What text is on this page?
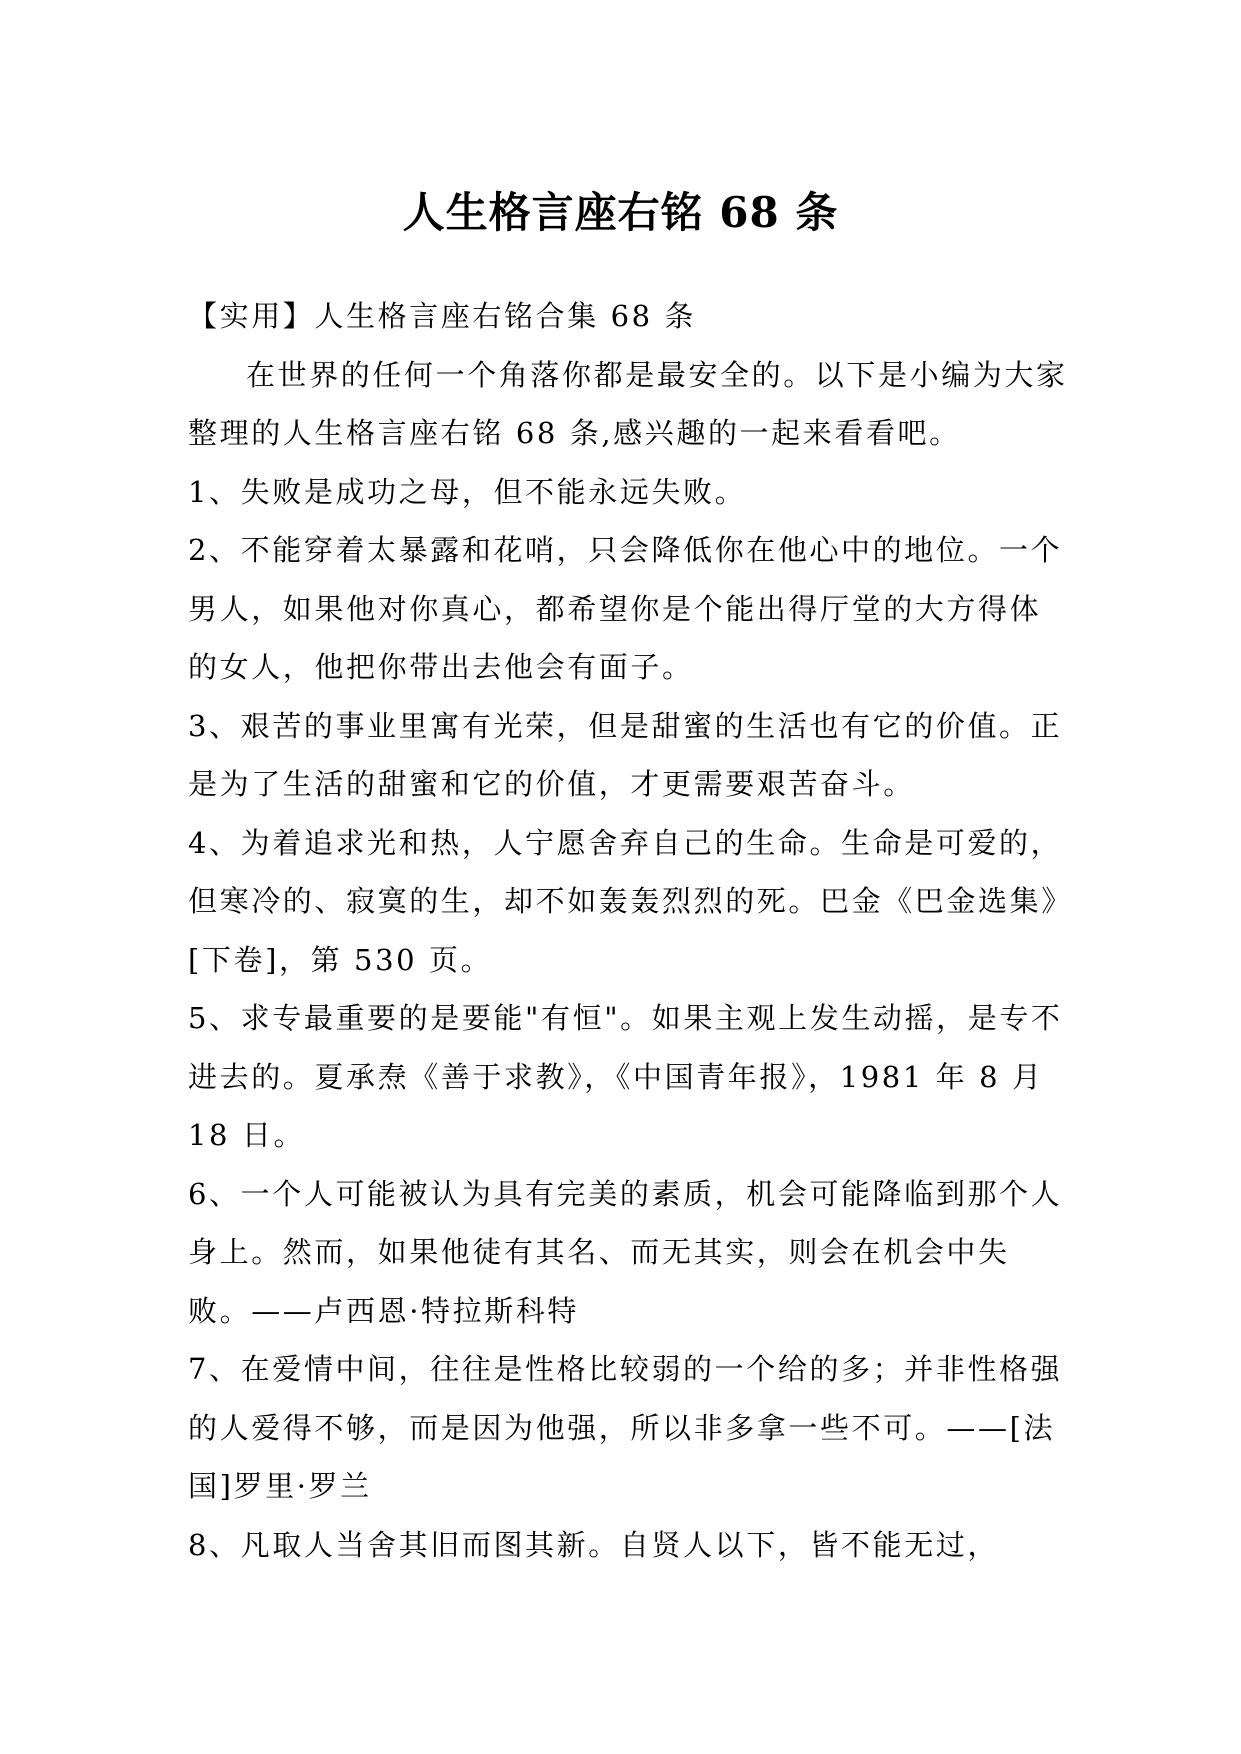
人生格言座右铭 68 条

【实用】人生格言座右铭合集 68 条

在世界的任何一个角落你都是最安全的。以下是小编为大家整理的人生格言座右铭 68 条,感兴趣的一起来看看吧。

1、失败是成功之母，但不能永远失败。

2、不能穿着太暴露和花哨，只会降低你在他心中的地位。一个男人，如果他对你真心，都希望你是个能出得厅堂的大方得体的女人，他把你带出去他会有面子。

3、艰苦的事业里寓有光荣，但是甜蜜的生活也有它的价值。正是为了生活的甜蜜和它的价值，才更需要艰苦奋斗。

4、为着追求光和热，人宁愿舍弃自己的生命。生命是可爱的，但寒冷的、寂寞的生，却不如轰轰烈烈的死。巴金《巴金选集》[下卷]，第 530 页。

5、求专最重要的是要能"有恒"。如果主观上发生动摇，是专不进去的。夏承焘《善于求教》，《中国青年报》，1981 年 8 月 18 日。

6、一个人可能被认为具有完美的素质，机会可能降临到那个人身上。然而，如果他徒有其名、而无其实，则会在机会中失败。——卢西恩·特拉斯科特

7、在爱情中间，往往是性格比较弱的一个给的多；并非性格强的人爱得不够，而是因为他强，所以非多拿一些不可。——[法国]罗里·罗兰

8、凡取人当舍其旧而图其新。自贤人以下，皆不能无过，
